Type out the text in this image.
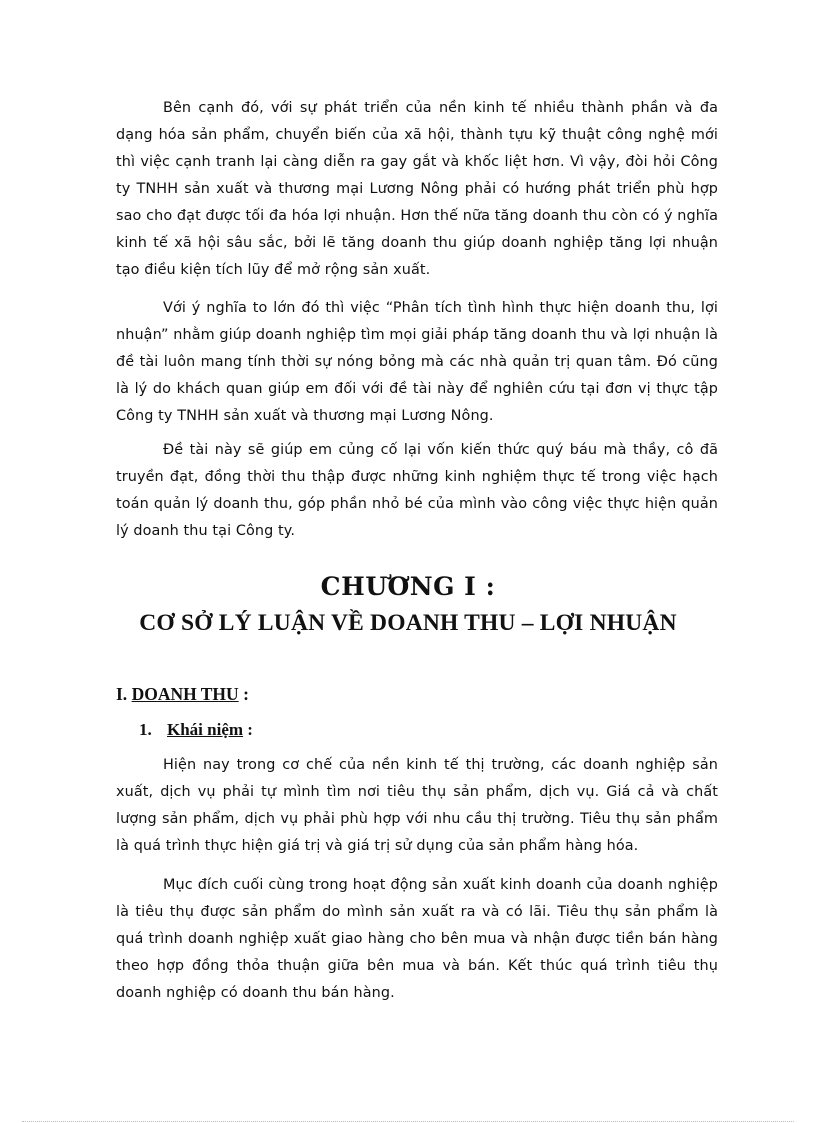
Bên cạnh đó, với sự phát triển của nền kinh tế nhiều thành phần và đa dạng hóa sản phẩm, chuyển biến của xã hội, thành tựu kỹ thuật công nghệ mới thì việc cạnh tranh lại càng diễn ra gay gắt và khốc liệt hơn. Vì vậy, đòi hỏi Công ty TNHH sản xuất và thương mại Lương Nông phải có hướng phát triển phù hợp sao cho đạt được tối đa hóa lợi nhuận. Hơn thế nữa tăng doanh thu còn có ý nghĩa kinh tế xã hội sâu sắc, bởi lẽ tăng doanh thu giúp doanh nghiệp tăng lợi nhuận tạo điều kiện tích lũy để mở rộng sản xuất.

Với ý nghĩa to lớn đó thì việc “Phân tích tình hình thực hiện doanh thu, lợi nhuận” nhằm giúp doanh nghiệp tìm mọi giải pháp tăng doanh thu và lợi nhuận là đề tài luôn mang tính thời sự nóng bỏng mà các nhà quản trị quan tâm. Đó cũng là lý do khách quan giúp em đối với đề tài này để nghiên cứu tại đơn vị thực tập Công ty TNHH sản xuất và thương mại Lương Nông.

Đề tài này sẽ giúp em củng cố lại vốn kiến thức quý báu mà thầy, cô đã truyền đạt, đồng thời thu thập được những kinh nghiệm thực tế trong việc hạch toán quản lý doanh thu, góp phần nhỏ bé của mình vào công việc thực hiện quản lý doanh thu tại Công ty.

CHƯƠNG I :
CƠ SỞ LÝ LUẬN VỀ DOANH THU – LỢI NHUẬN
I. DOANH THU :
1. Khái niệm :

Hiện nay trong cơ chế của nền kinh tế thị trường, các doanh nghiệp sản xuất, dịch vụ phải tự mình tìm nơi tiêu thụ sản phẩm, dịch vụ. Giá cả và chất lượng sản phẩm, dịch vụ phải phù hợp với nhu cầu thị trường. Tiêu thụ sản phẩm là quá trình thực hiện giá trị và giá trị sử dụng của sản phẩm hàng hóa.

Mục đích cuối cùng trong hoạt động sản xuất kinh doanh của doanh nghiệp là tiêu thụ được sản phẩm do mình sản xuất ra và có lãi. Tiêu thụ sản phẩm là quá trình doanh nghiệp xuất giao hàng cho bên mua và nhận được tiền bán hàng theo hợp đồng thỏa thuận giữa bên mua và bán. Kết thúc quá trình tiêu thụ doanh nghiệp có doanh thu bán hàng.
